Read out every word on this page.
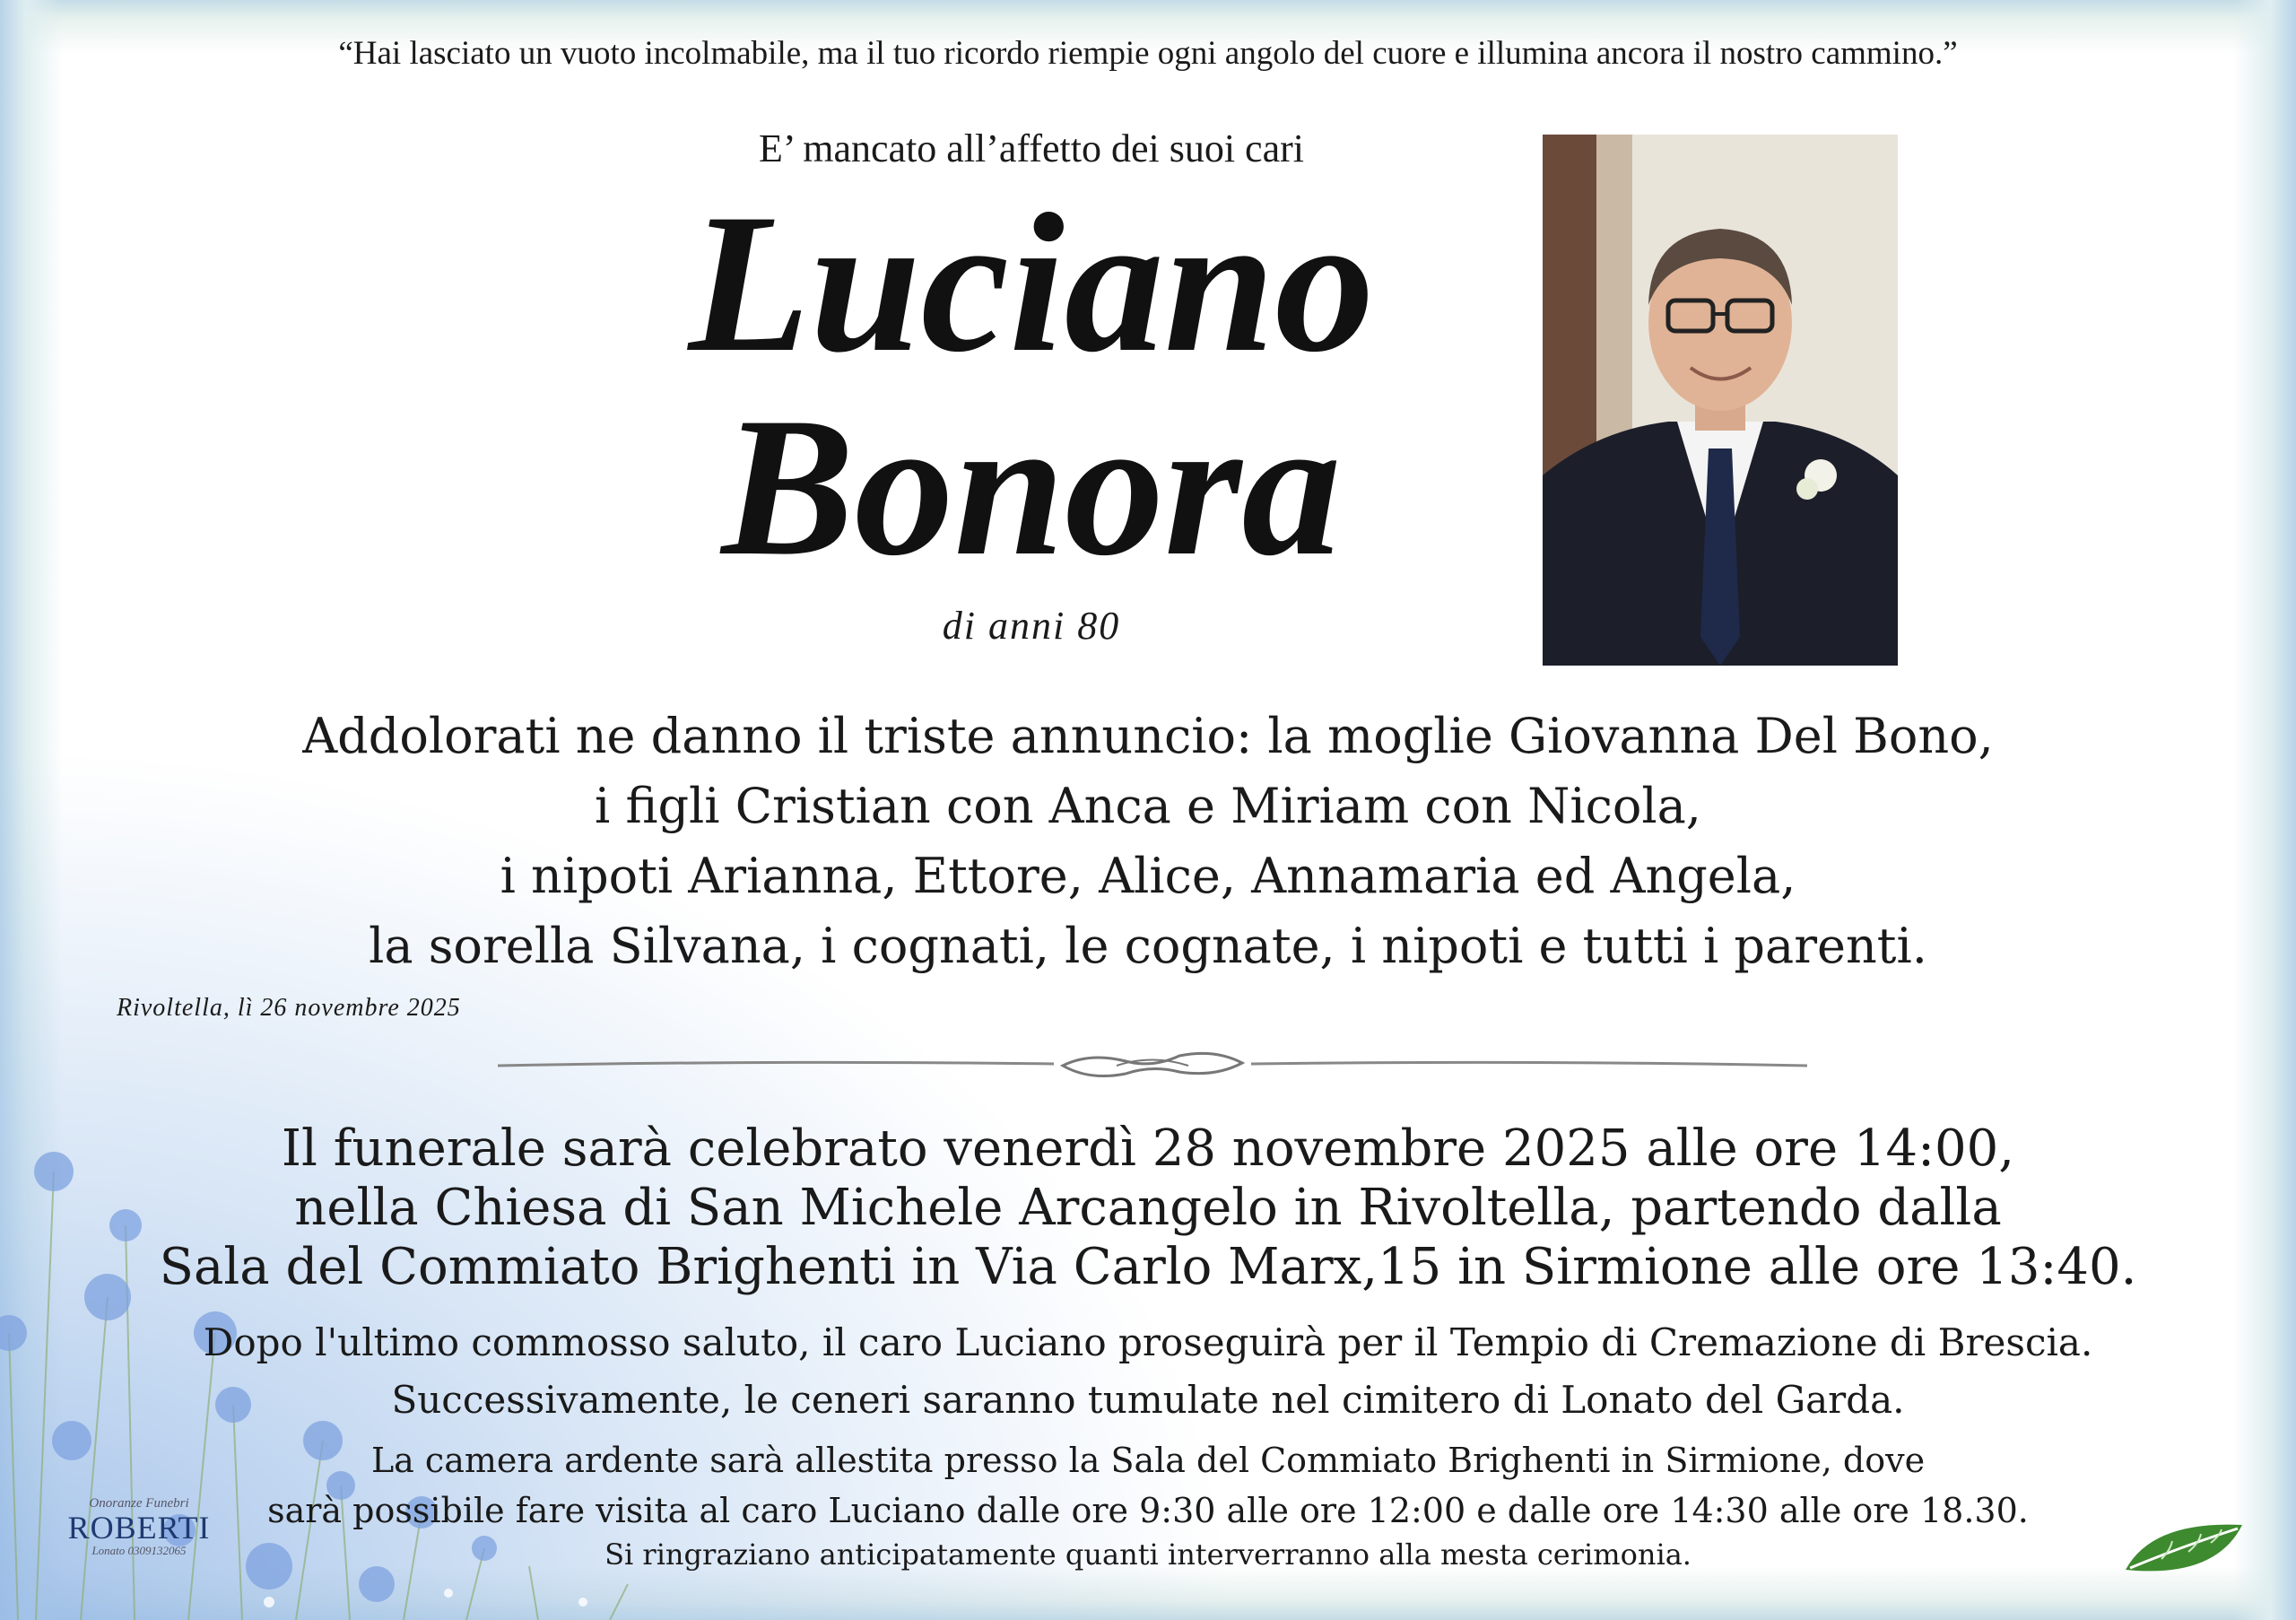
“Hai lasciato un vuoto incolmabile, ma il tuo ricordo riempie ogni angolo del cuore e illumina ancora il nostro cammino.”
E’ mancato all’affetto dei suoi cari
Luciano
Bonora
di anni 80
Addolorati ne danno il triste annuncio: la moglie Giovanna Del Bono,
i figli Cristian con Anca e Miriam con Nicola,
i nipoti Arianna, Ettore, Alice, Annamaria ed Angela,
la sorella Silvana, i cognati, le cognate, i nipoti e tutti i parenti.
Rivoltella, lì 26 novembre 2025
Il funerale sarà celebrato venerdì 28 novembre 2025 alle ore 14:00,
nella Chiesa di San Michele Arcangelo in Rivoltella, partendo dalla
Sala del Commiato Brighenti in Via Carlo Marx,15 in Sirmione alle ore 13:40.
Dopo l'ultimo commosso saluto, il caro Luciano proseguirà per il Tempio di Cremazione di Brescia.
Successivamente, le ceneri saranno tumulate nel cimitero di Lonato del Garda.
La camera ardente sarà allestita presso la Sala del Commiato Brighenti in Sirmione, dove
sarà possibile fare visita al caro Luciano dalle ore 9:30 alle ore 12:00 e dalle ore 14:30 alle ore 18.30.
Si ringraziano anticipatamente quanti interverranno alla mesta cerimonia.
Onoranze Funebri
ROBERTI
Lonato 0309132065
